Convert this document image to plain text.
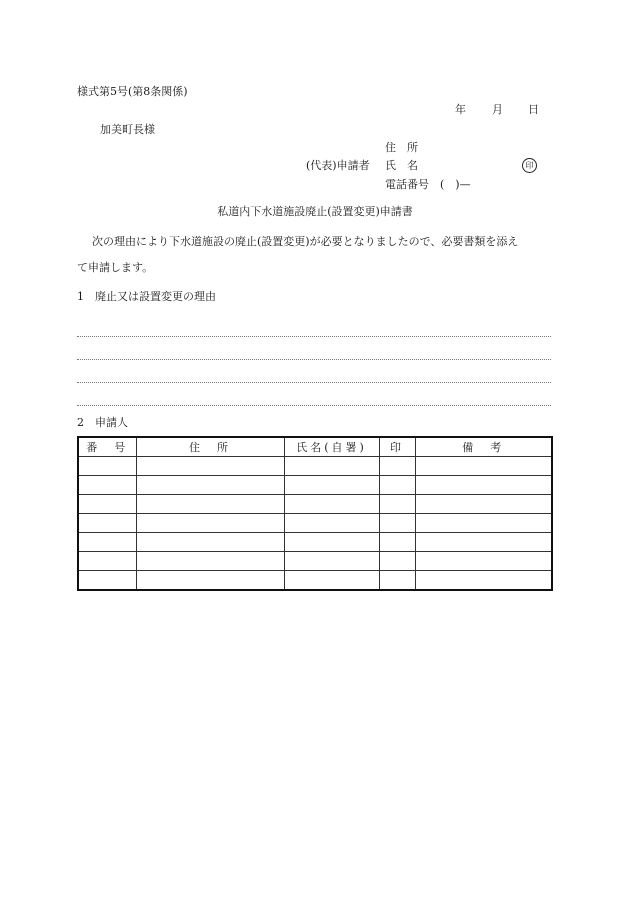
様式第5号(第8条関係)
年 月 日
加美町長様
住　所
(代表)申請者 氏　名	印
電話番号　(　)—
私道内下水道施設廃止(設置変更)申請書
次の理由により下水道施設の廃止(設置変更)が必要となりましたので、必要書類を添え
て申請します。
1　廃止又は設置変更の理由
2　申請人
番　号	住　所	氏名(自署)	印	備　考
